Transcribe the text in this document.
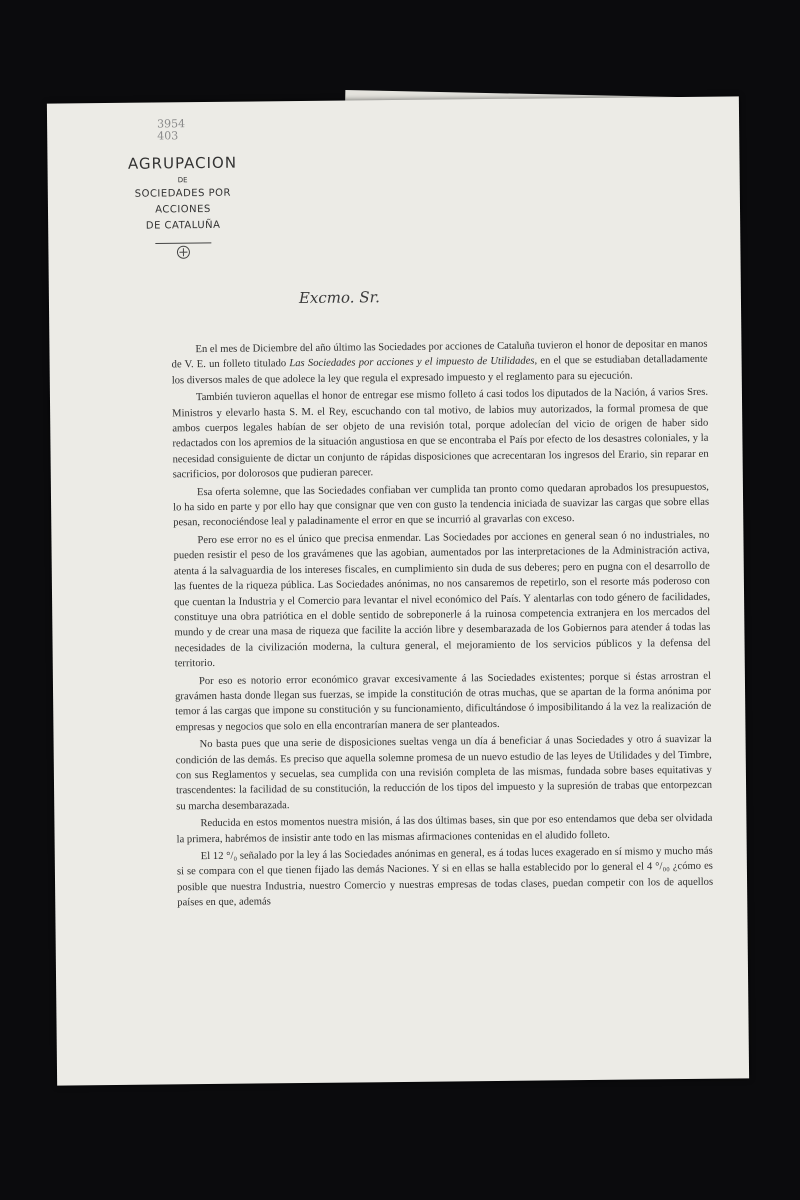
3954
403
AGRUPACION
DE
SOCIEDADES POR ACCIONES
DE CATALUÑA
Excmo. Sr.

En el mes de Diciembre del año último las Sociedades por acciones de Cataluña tuvieron el honor de depositar en manos de V. E. un folleto titulado Las Sociedades por acciones y el impuesto de Utilidades, en el que se estudiaban detalladamente los diversos males de que adolece la ley que regula el expresado impuesto y el reglamento para su ejecución.

También tuvieron aquellas el honor de entregar ese mismo folleto á casi todos los diputados de la Nación, á varios Sres. Ministros y elevarlo hasta S. M. el Rey, escuchando con tal motivo, de labios muy autorizados, la formal promesa de que ambos cuerpos legales habían de ser objeto de una revisión total, porque adolecían del vicio de origen de haber sido redactados con los apremios de la situación angustiosa en que se encontraba el País por efecto de los desastres coloniales, y la necesidad consiguiente de dictar un conjunto de rápidas disposiciones que acrecentaran los ingresos del Erario, sin reparar en sacrificios, por dolorosos que pudieran parecer.

Esa oferta solemne, que las Sociedades confiaban ver cumplida tan pronto como quedaran aprobados los presupuestos, lo ha sido en parte y por ello hay que consignar que ven con gusto la tendencia iniciada de suavizar las cargas que sobre ellas pesan, reconociéndose leal y paladinamente el error en que se incurrió al gravarlas con exceso.

Pero ese error no es el único que precisa enmendar. Las Sociedades por acciones en general sean ó no industriales, no pueden resistir el peso de los gravámenes que las agobian, aumentados por las interpretaciones de la Administración activa, atenta á la salvaguardia de los intereses fiscales, en cumplimiento sin duda de sus deberes; pero en pugna con el desarrollo de las fuentes de la riqueza pública. Las Sociedades anónimas, no nos cansaremos de repetirlo, son el resorte más poderoso con que cuentan la Industria y el Comercio para levantar el nivel económico del País. Y alentarlas con todo género de facilidades, constituye una obra patriótica en el doble sentido de sobreponerle á la ruinosa competencia extranjera en los mercados del mundo y de crear una masa de riqueza que facilite la acción libre y desembarazada de los Gobiernos para atender á todas las necesidades de la civilización moderna, la cultura general, el mejoramiento de los servicios públicos y la defensa del territorio.

Por eso es notorio error económico gravar excesivamente á las Sociedades existentes; porque si éstas arrostran el gravámen hasta donde llegan sus fuerzas, se impide la constitución de otras muchas, que se apartan de la forma anónima por temor á las cargas que impone su constitución y su funcionamiento, dificultándose ó imposibilitando á la vez la realización de empresas y negocios que solo en ella encontrarían manera de ser planteados.

No basta pues que una serie de disposiciones sueltas venga un día á beneficiar á unas Sociedades y otro á suavizar la condición de las demás. Es preciso que aquella solemne promesa de un nuevo estudio de las leyes de Utilidades y del Timbre, con sus Reglamentos y secuelas, sea cumplida con una revisión completa de las mismas, fundada sobre bases equitativas y trascendentes: la facilidad de su constitución, la reducción de los tipos del impuesto y la supresión de trabas que entorpezcan su marcha desembarazada.

Reducida en estos momentos nuestra misión, á las dos últimas bases, sin que por eso entendamos que deba ser olvidada la primera, habrémos de insistir ante todo en las mismas afirmaciones contenidas en el aludido folleto.

El 12 °/₀ señalado por la ley á las Sociedades anónimas en general, es á todas luces exagerado en sí mismo y mucho más si se compara con el que tienen fijado las demás Naciones. Y si en ellas se halla establecido por lo general el 4 °/₀₀ ¿cómo es posible que nuestra Industria, nuestro Comercio y nuestras empresas de todas clases, puedan competir con los de aquellos países en que, además
